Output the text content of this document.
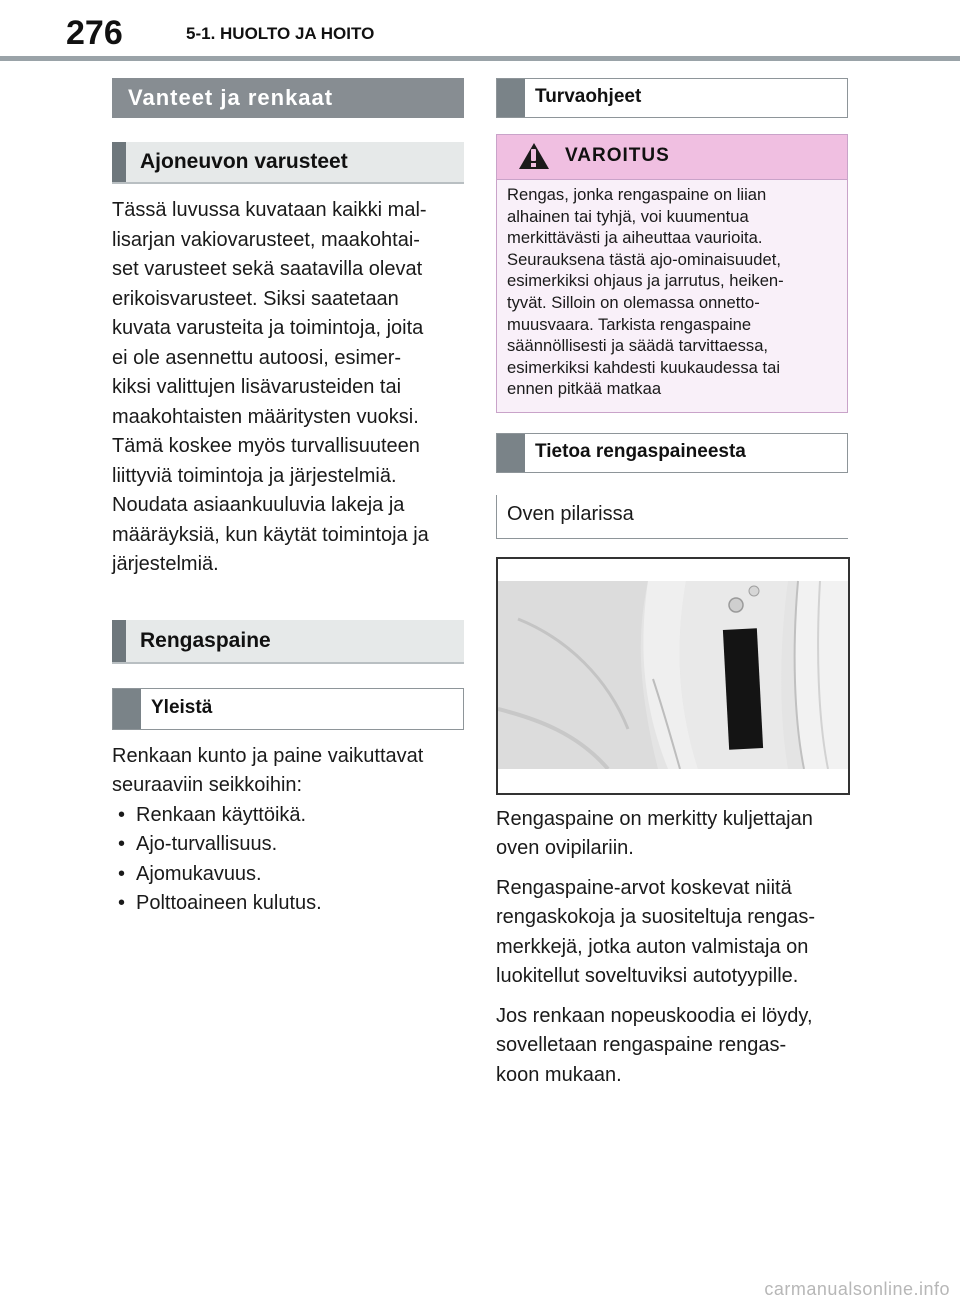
276	5-1. HUOLTO JA HOITO
Vanteet ja renkaat
Ajoneuvon varusteet

Tässä luvussa kuvataan kaikki mal-

lisarjan vakiovarusteet, maakohtai-

set varusteet sekä saatavilla olevat

erikoisvarusteet. Siksi saatetaan

kuvata varusteita ja toimintoja, joita

ei ole asennettu autoosi, esimer-

kiksi valittujen lisävarusteiden tai

maakohtaisten määritysten vuoksi.

Tämä koskee myös turvallisuuteen

liittyviä toimintoja ja järjestelmiä.

Noudata asiaankuuluvia lakeja ja

määräyksiä, kun käytät toimintoja ja

järjestelmiä.

Rengaspaine
Yleistä

Renkaan kunto ja paine vaikuttavat

seuraaviin seikkoihin:

• Renkaan käyttöikä.
• Ajo-turvallisuus.
• Ajomukavuus.
• Polttoaineen kulutus.
Turvaohjeet
VAROITUS
Rengas, jonka rengaspaine on liian
alhainen tai tyhjä, voi kuumentua
merkittävästi ja aiheuttaa vaurioita.
Seurauksena tästä ajo-ominaisuudet,
esimerkiksi ohjaus ja jarrutus, heiken-
tyvät. Silloin on olemassa onnetto-
muusvaara. Tarkista rengaspaine
säännöllisesti ja säädä tarvittaessa,
esimerkiksi kahdesti kuukaudessa tai
ennen pitkää matkaa
Tietoa rengaspaineesta
Oven pilarissa

Rengaspaine on merkitty kuljettajan

oven ovipilariin.

Rengaspaine-arvot koskevat niitä

rengaskokoja ja suositeltuja rengas-

merkkejä, jotka auton valmistaja on

luokitellut soveltuviksi autotyypille.

Jos renkaan nopeuskoodia ei löydy,

sovelletaan rengaspaine rengas-

koon mukaan.

carmanualsonline.info
